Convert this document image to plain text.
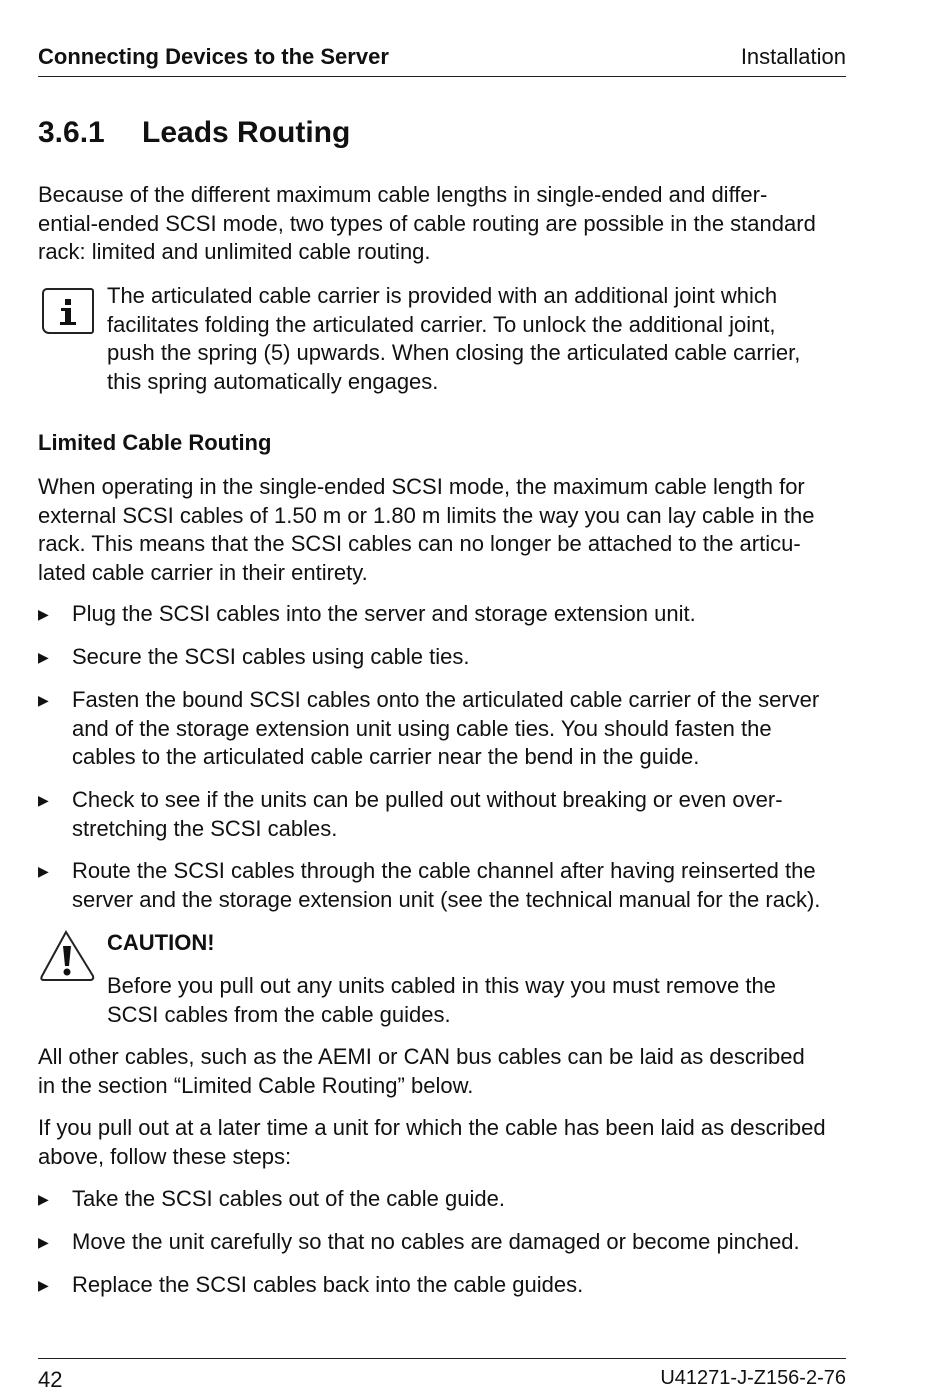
Connecting Devices to the Server	Installation
3.6.1 Leads Routing
Because of the different maximum cable lengths in single-ended and differ-
ential-ended SCSI mode, two types of cable routing are possible in the standard
rack: limited and unlimited cable routing.
The articulated cable carrier is provided with an additional joint which
facilitates folding the articulated carrier. To unlock the additional joint,
push the spring (5) upwards. When closing the articulated cable carrier,
this spring automatically engages.
Limited Cable Routing
When operating in the single-ended SCSI mode, the maximum cable length for
external SCSI cables of 1.50 m or 1.80 m limits the way you can lay cable in the
rack. This means that the SCSI cables can no longer be attached to the articu-
lated cable carrier in their entirety.
▶ Plug the SCSI cables into the server and storage extension unit.
▶ Secure the SCSI cables using cable ties.
▶ Fasten the bound SCSI cables onto the articulated cable carrier of the server
and of the storage extension unit using cable ties. You should fasten the
cables to the articulated cable carrier near the bend in the guide.
▶ Check to see if the units can be pulled out without breaking or even over-
stretching the SCSI cables.
▶ Route the SCSI cables through the cable channel after having reinserted the
server and the storage extension unit (see the technical manual for the rack).
CAUTION!
Before you pull out any units cabled in this way you must remove the
SCSI cables from the cable guides.
All other cables, such as the AEMI or CAN bus cables can be laid as described
in the section “Limited Cable Routing” below.
If you pull out at a later time a unit for which the cable has been laid as described
above, follow these steps:
▶ Take the SCSI cables out of the cable guide.
▶ Move the unit carefully so that no cables are damaged or become pinched.
▶ Replace the SCSI cables back into the cable guides.
42	U41271-J-Z156-2-76
